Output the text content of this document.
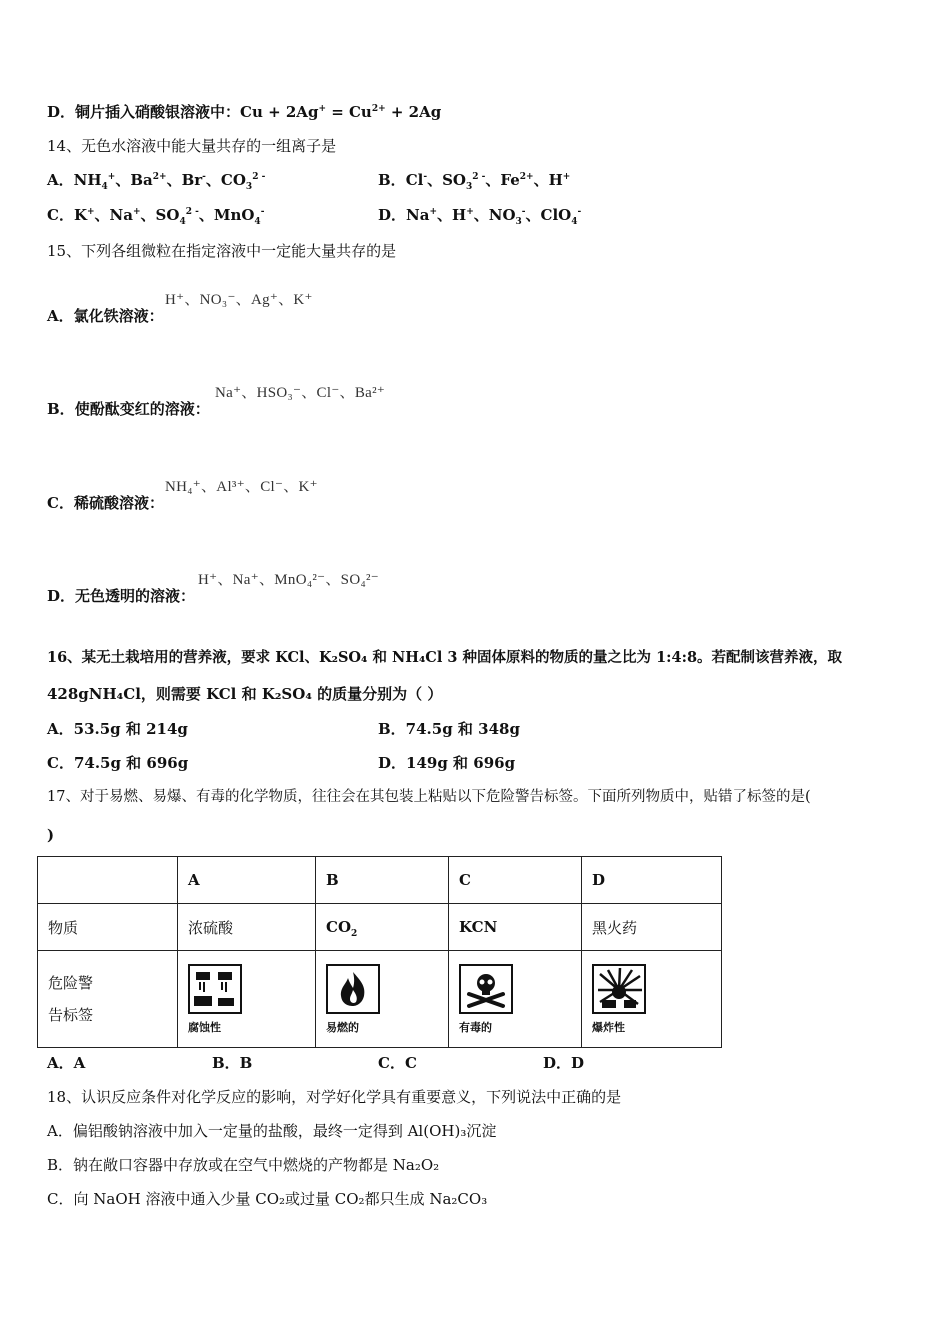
D．铜片插入硝酸银溶液中：$Cu + 2Ag^+ = Cu^{2+} + 2Ag$
14、无色水溶液中能大量共存的一组离子是
A．$NH_4^+$、$Ba^{2+}$、Br-、$CO_3^{2 -}$	B．Cl-、$SO_3^{2 -}$、$Fe^{2+}$、H+
C．K+、Na+、$SO_4^{2 -}$、MnO$_4$-	D．Na+、H+、$NO_3^-$、ClO$_4$-
15、下列各组微粒在指定溶液中一定能大量共存的是
H⁺、NO₃⁻、Ag⁺、K⁺
A．氯化铁溶液：
Na⁺、HSO₃⁻、Cl⁻、Ba²⁺
B．使酚酞变红的溶液：
NH₄⁺、Al³⁺、Cl⁻、K⁺
C．稀硫酸溶液：
H⁺、Na⁺、MnO₄²⁻、SO₄²⁻
D．无色透明的溶液：
16、某无土栽培用的营养液，要求 KCl、K₂SO₄ 和 NH₄Cl 3 种固体原料的物质的量之比为 1:4:8。若配制该营养液，取
428gNH₄Cl，则需要 KCl 和 K₂SO₄ 的质量分别为（ ）
A．53.5g 和 214g	B．74.5g 和 348g
C．74.5g 和 696g	D．149g 和 696g
17、对于易燃、易爆、有毒的化学物质，往往会在其包装上粘贴以下危险警告标签。下面所列物质中，贴错了标签的是(
)
	A	B	C	D
物质	浓硫酸	$CO_2$	KCN	黑火药

危险警
告标签	腐蚀性	易燃的	有毒的	爆炸性
A．A	B．B	C．C	D．D
18、认识反应条件对化学反应的影响，对学好化学具有重要意义，下列说法中正确的是
A．偏铝酸钠溶液中加入一定量的盐酸，最终一定得到 Al(OH)₃沉淀
B．钠在敞口容器中存放或在空气中燃烧的产物都是 Na₂O₂
C．向 NaOH 溶液中通入少量 CO₂或过量 CO₂都只生成 Na₂CO₃
